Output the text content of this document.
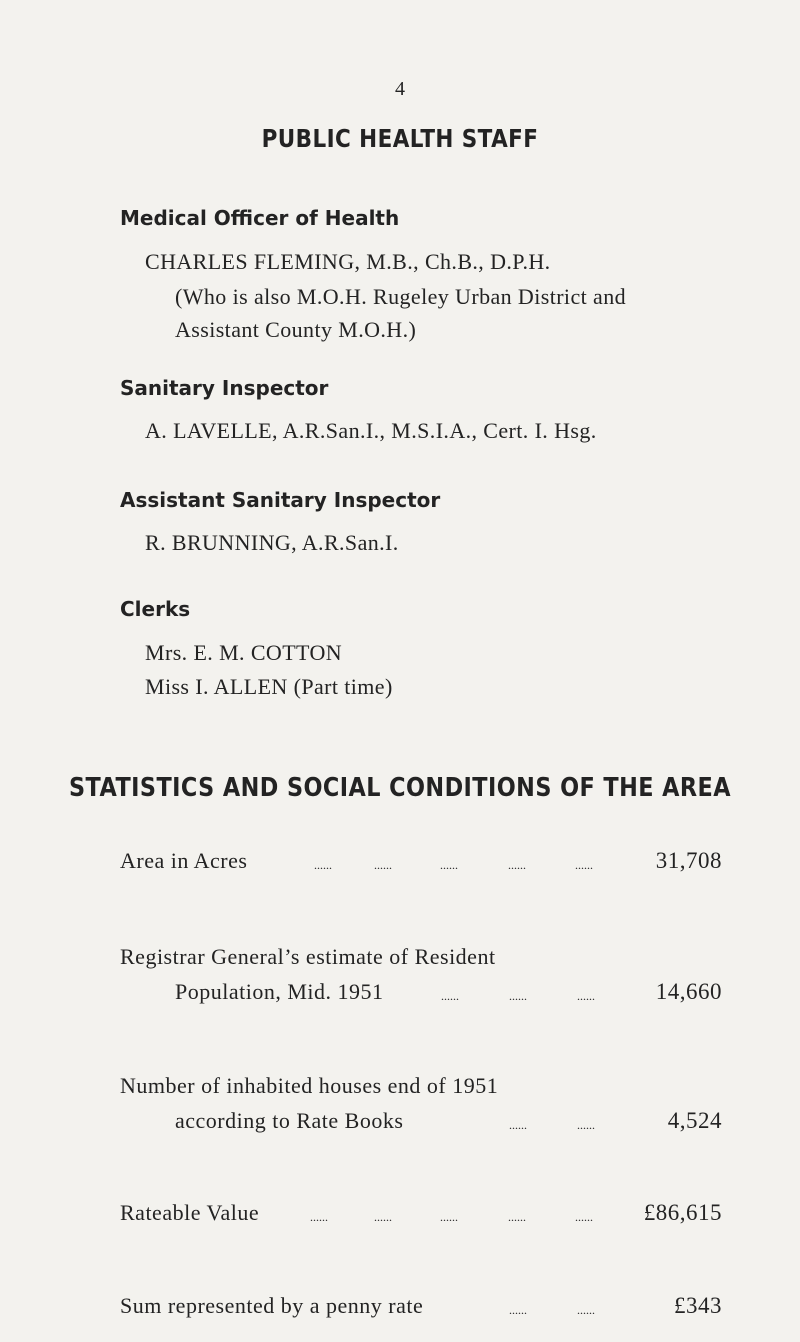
4
PUBLIC HEALTH STAFF
Medical Officer of Health
CHARLES FLEMING, M.B., Ch.B., D.P.H.
(Who is also M.O.H. Rugeley Urban District and
Assistant County M.O.H.)
Sanitary Inspector
A. LAVELLE, A.R.San.I., M.S.I.A., Cert. I. Hsg.
Assistant Sanitary Inspector
R. BRUNNING, A.R.San.I.
Clerks
Mrs. E. M. COTTON
Miss I. ALLEN (Part time)
STATISTICS AND SOCIAL CONDITIONS OF THE AREA
Area in Acres	......	......	......	......	......	31,708
Registrar General’s estimate of Resident
Population, Mid. 1951	......	......	......	14,660
Number of inhabited houses end of 1951
according to Rate Books	......	......	4,524
Rateable Value	......	......	......	......	...... £86,615
Sum represented by a penny rate	......	......	£343
